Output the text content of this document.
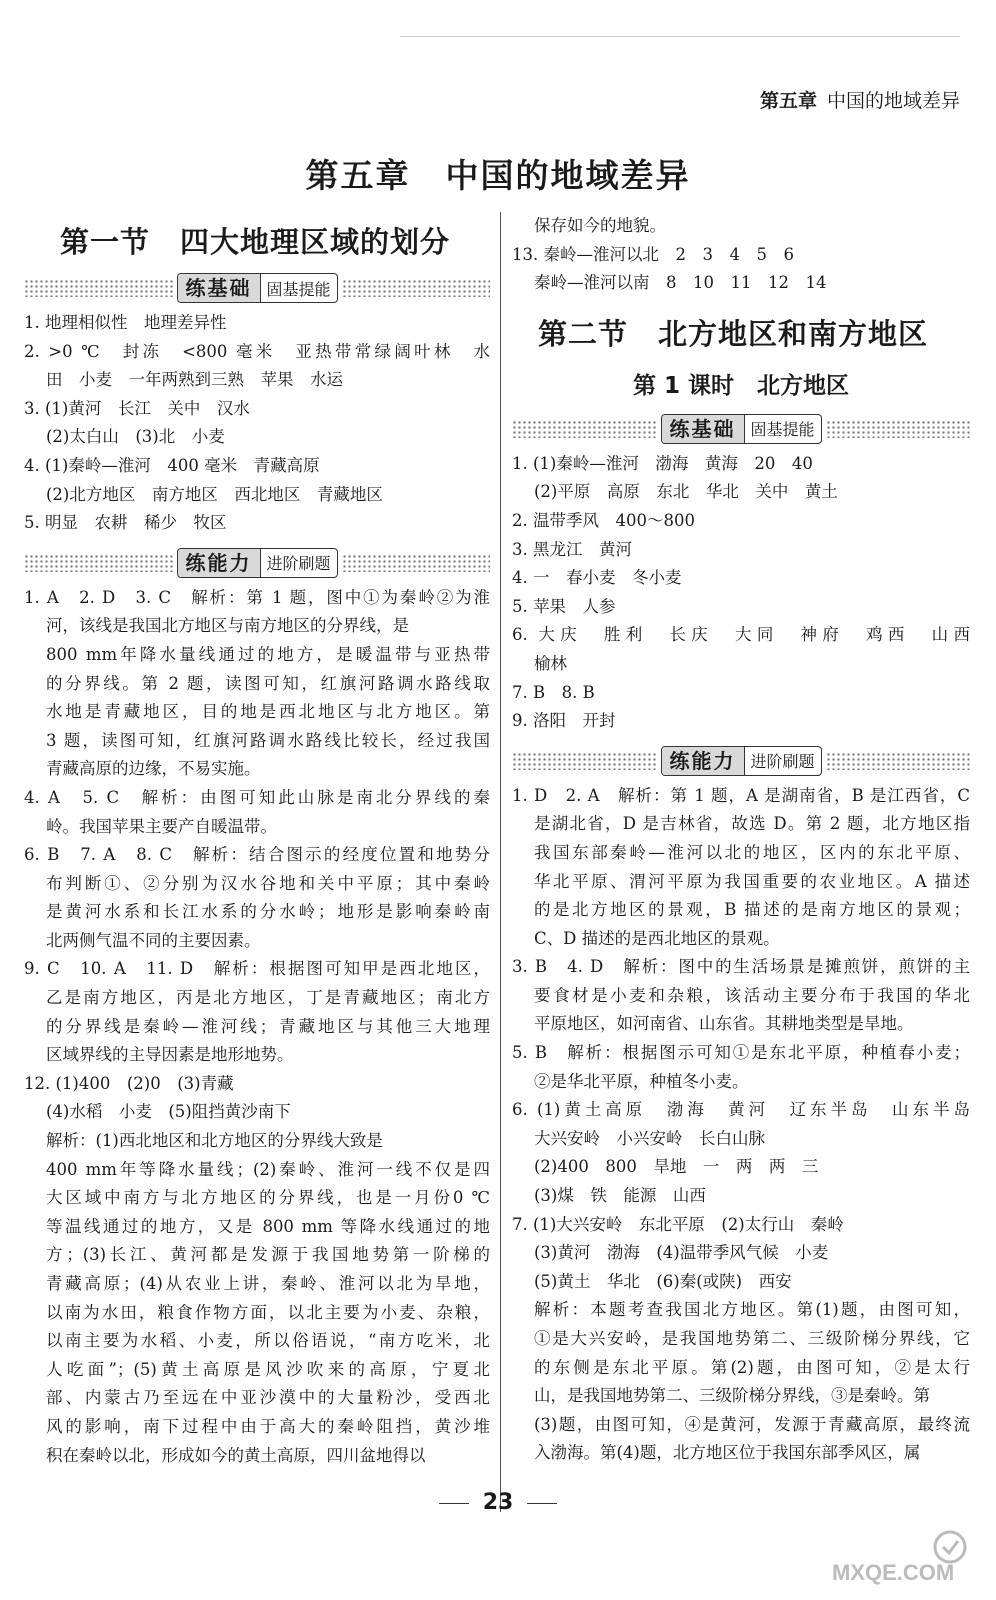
第五章 中国的地域差异
第五章　中国的地域差异
第一节　四大地理区域的划分
练基础 固基提能
1. 地理相似性　地理差异性
2. >0 ℃　封冻　<800 毫米　亚热带常绿阔叶林　水
田　小麦　一年两熟到三熟　苹果　水运
3. (1)黄河　长江　关中　汉水
(2)太白山　(3)北　小麦
4. (1)秦岭—淮河　400 毫米　青藏高原
(2)北方地区　南方地区　西北地区　青藏地区
5. 明显　农耕　稀少　牧区
练能力 进阶刷题
1. A　2. D　3. C　解析：第 1 题，图中①为秦岭②为淮
河，该线是我国北方地区与南方地区的分界线，是
800 mm年降水量线通过的地方，是暖温带与亚热带
的分界线。第 2 题，读图可知，红旗河路调水路线取
水地是青藏地区，目的地是西北地区与北方地区。第
3 题，读图可知，红旗河路调水路线比较长，经过我国
青藏高原的边缘，不易实施。
4. A　5. C　解析：由图可知此山脉是南北分界线的秦
岭。我国苹果主要产自暖温带。
6. B　7. A　8. C　解析：结合图示的经度位置和地势分
布判断①、②分别为汉水谷地和关中平原；其中秦岭
是黄河水系和长江水系的分水岭；地形是影响秦岭南
北两侧气温不同的主要因素。
9. C　10. A　11. D　解析：根据图可知甲是西北地区，
乙是南方地区，丙是北方地区，丁是青藏地区；南北方
的分界线是秦岭—淮河线；青藏地区与其他三大地理
区域界线的主导因素是地形地势。
12. (1)400　(2)0　(3)青藏
(4)水稻　小麦　(5)阻挡黄沙南下
解析：(1)西北地区和北方地区的分界线大致是
400 mm年等降水量线；(2)秦岭、淮河一线不仅是四
大区域中南方与北方地区的分界线，也是一月份0 ℃
等温线通过的地方，又是 800 mm 等降水线通过的地
方；(3)长江、黄河都是发源于我国地势第一阶梯的
青藏高原；(4)从农业上讲，秦岭、淮河以北为旱地，
以南为水田，粮食作物方面，以北主要为小麦、杂粮，
以南主要为水稻、小麦，所以俗语说，“南方吃米，北
人吃面”；(5)黄土高原是风沙吹来的高原，宁夏北
部、内蒙古乃至远在中亚沙漠中的大量粉沙，受西北
风的影响，南下过程中由于高大的秦岭阻挡，黄沙堆
积在秦岭以北，形成如今的黄土高原，四川盆地得以
保存如今的地貌。
13. 秦岭—淮河以北　2　3　4　5　6
秦岭—淮河以南　8　10　11　12　14
第二节　北方地区和南方地区
第 1 课时　北方地区
练基础 固基提能
1. (1)秦岭—淮河　渤海　黄海　20　40
(2)平原　高原　东北　华北　关中　黄土
2. 温带季风　400～800
3. 黑龙江　黄河
4. 一　春小麦　冬小麦
5. 苹果　人参
6. 大庆　胜利　长庆　大同　神府　鸡西　山西
榆林
7. B　8. B
9. 洛阳　开封
练能力 进阶刷题
1. D　2. A　解析：第 1 题，A 是湖南省，B 是江西省，C
是湖北省，D 是吉林省，故选 D。第 2 题，北方地区指
我国东部秦岭—淮河以北的地区，区内的东北平原、
华北平原、渭河平原为我国重要的农业地区。A 描述
的是北方地区的景观，B 描述的是南方地区的景观；
C、D 描述的是西北地区的景观。
3. B　4. D　解析：图中的生活场景是摊煎饼，煎饼的主
要食材是小麦和杂粮，该活动主要分布于我国的华北
平原地区，如河南省、山东省。其耕地类型是旱地。
5. B　解析：根据图示可知①是东北平原，种植春小麦；
②是华北平原，种植冬小麦。
6. (1)黄土高原　渤海　黄河　辽东半岛　山东半岛
大兴安岭　小兴安岭　长白山脉
(2)400　800　旱地　一　两　两　三
(3)煤　铁　能源　山西
7. (1)大兴安岭　东北平原　(2)太行山　秦岭
(3)黄河　渤海　(4)温带季风气候　小麦
(5)黄土　华北　(6)秦(或陕)　西安
解析：本题考查我国北方地区。第(1)题，由图可知，
①是大兴安岭，是我国地势第二、三级阶梯分界线，它
的东侧是东北平原。第(2)题，由图可知，②是太行
山，是我国地势第二、三级阶梯分界线，③是秦岭。第
(3)题，由图可知，④是黄河，发源于青藏高原，最终流
入渤海。第(4)题，北方地区位于我国东部季风区，属
23
MXQE.COM
